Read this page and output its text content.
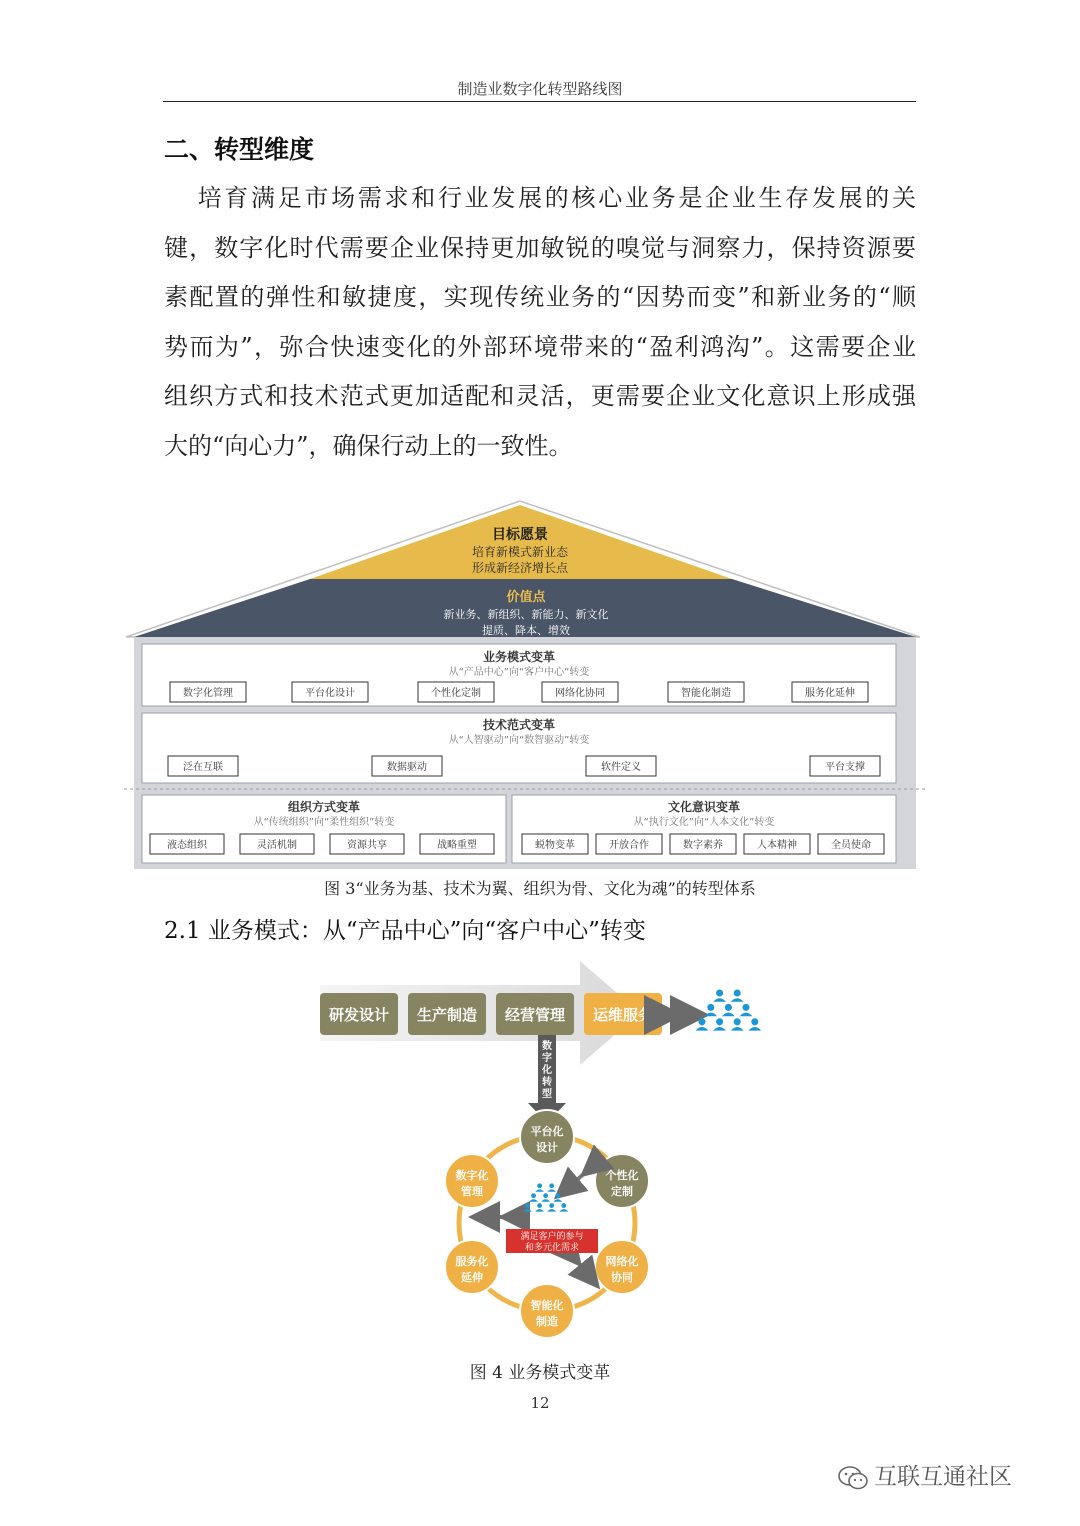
制造业数字化转型路线图
二、转型维度
培育满足市场需求和行业发展的核心业务是企业生存发展的关
键，数字化时代需要企业保持更加敏锐的嗅觉与洞察力，保持资源要
素配置的弹性和敏捷度，实现传统业务的“因势而变”和新业务的“顺
势而为”，弥合快速变化的外部环境带来的“盈利鸿沟”。这需要企业
组织方式和技术范式更加适配和灵活，更需要企业文化意识上形成强
大的“向心力”，确保行动上的一致性。
目标愿景
培育新模式新业态
形成新经济增长点
价值点
新业务、新组织、新能力、新文化
提质、降本、增效
业务模式变革
从“产品中心”向“客户中心”转变
数字化管理	平台化设计	个性化定制	网络化协同	智能化制造	服务化延伸
技术范式变革
从“人智驱动”向“数智驱动”转变
泛在互联	数据驱动	软件定义	平台支撑
组织方式变革
从“传统组织”向“柔性组织”转变
液态组织	灵活机制	资源共享	战略重塑
文化意识变革
从“执行文化”向“人本文化”转变
蜕物变革	开放合作	数字素养	人本精神	全员使命
图 3“业务为基、技术为翼、组织为骨、文化为魂”的转型体系
2.1 业务模式：从“产品中心”向“客户中心”转变
研发设计 生产制造 经营管理 运维服务
数
字
化
转
型
平台化
设计
个性化
定制
网络化
协同
智能化
制造
服务化
延伸
数字化
管理
满足客户的参与
和多元化需求
图 4 业务模式变革
12
互联互通社区
